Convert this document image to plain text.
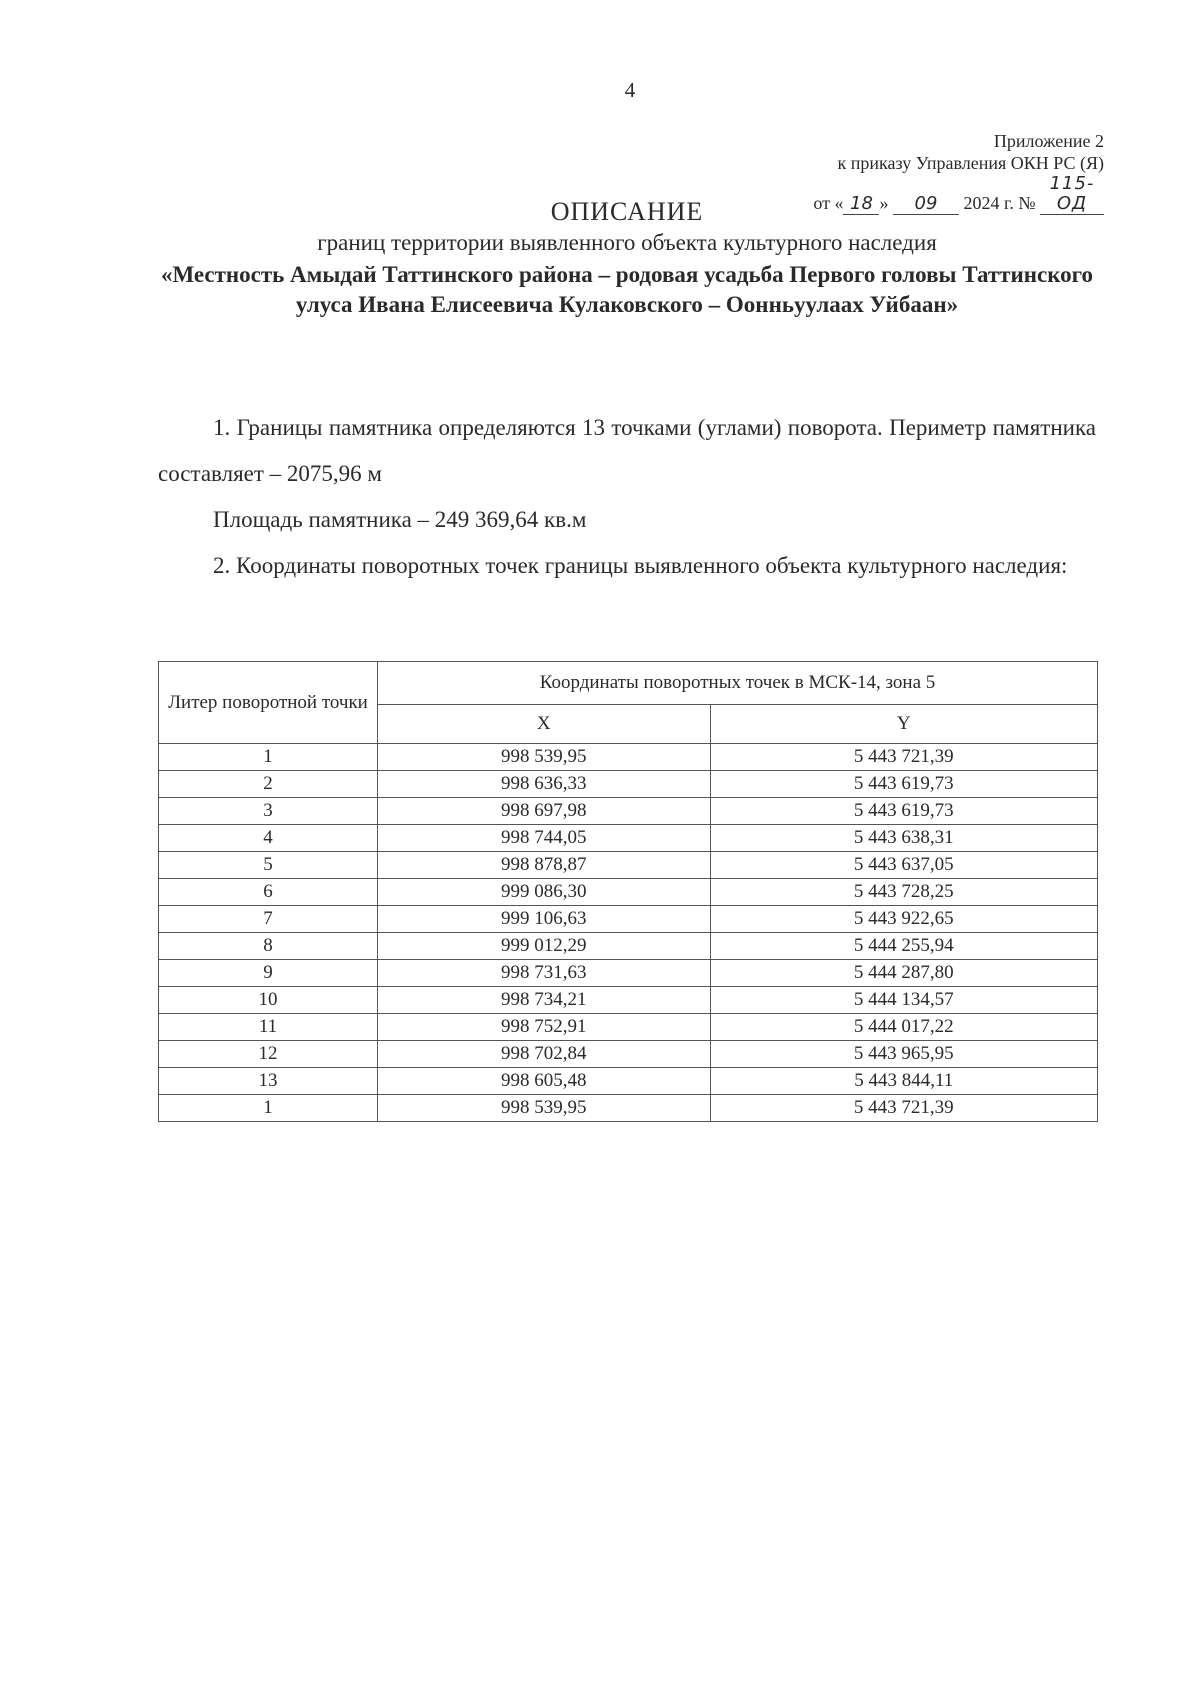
4
Приложение 2
к приказу Управления ОКН РС (Я)
от « 18 » 09 2024 г. № 115-ОД
ОПИСАНИЕ
границ территории выявленного объекта культурного наследия
«Местность Амыдай Таттинского района – родовая усадьба Первого головы Таттинского улуса Ивана Елисеевича Кулаковского – Оонньуулаах Уйбаан»
1. Границы памятника определяются 13 точками (углами) поворота. Периметр памятника составляет – 2075,96 м
Площадь памятника – 249 369,64 кв.м
2. Координаты поворотных точек границы выявленного объекта культурного наследия:
Литер поворотной точки	Координаты поворотных точек в МСК-14, зона 5	
	X	Y
1	998 539,95	5 443 721,39
2	998 636,33	5 443 619,73
3	998 697,98	5 443 619,73
4	998 744,05	5 443 638,31
5	998 878,87	5 443 637,05
6	999 086,30	5 443 728,25
7	999 106,63	5 443 922,65
8	999 012,29	5 444 255,94
9	998 731,63	5 444 287,80
10	998 734,21	5 444 134,57
11	998 752,91	5 444 017,22
12	998 702,84	5 443 965,95
13	998 605,48	5 443 844,11
1	998 539,95	5 443 721,39
